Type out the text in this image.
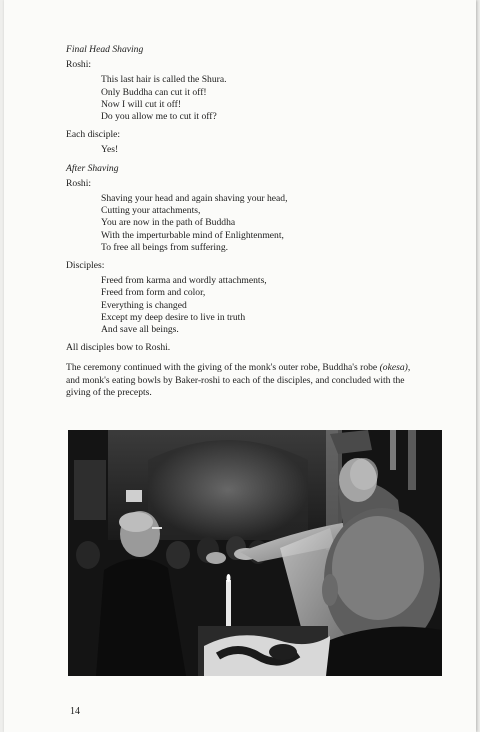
Final Head Shaving

Roshi:

This last hair is called the Shura.
Only Buddha can cut it off!
Now I will cut it off!
Do you allow me to cut it off?

Each disciple:

Yes!

After Shaving

Roshi:

Shaving your head and again shaving your head,
Cutting your attachments,
You are now in the path of Buddha
With the imperturbable mind of Enlightenment,
To free all beings from suffering.

Disciples:

Freed from karma and wordly attachments,
Freed from form and color,
Everything is changed
Except my deep desire to live in truth
And save all beings.

All disciples bow to Roshi.

The ceremony continued with the giving of the monk's outer robe, Buddha's robe (okesa), and monk's eating bowls by Baker-roshi to each of the disciples, and concluded with the giving of the precepts.

14
